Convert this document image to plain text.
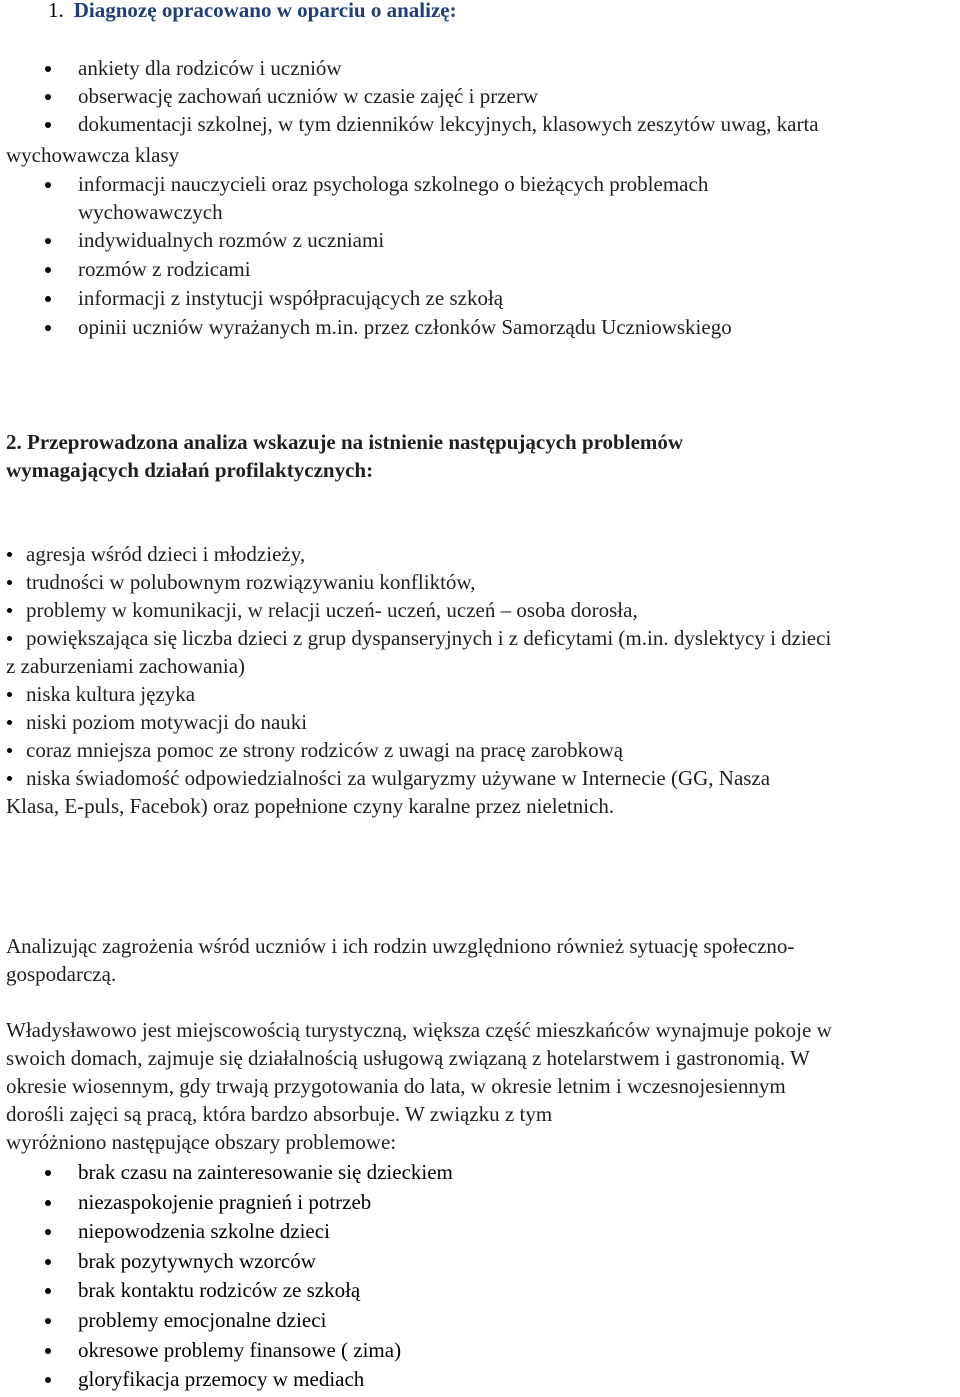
1. Diagnozę opracowano w oparciu o analizę:
ankiety dla rodziców i uczniów
obserwację zachowań uczniów w czasie zajęć i przerw
dokumentacji szkolnej, w tym dzienników lekcyjnych, klasowych zeszytów uwag, karta
wychowawcza klasy
informacji nauczycieli oraz psychologa szkolnego o bieżących problemach
wychowawczych
indywidualnych rozmów z uczniami
rozmów z rodzicami
informacji z instytucji współpracujących ze szkołą
opinii uczniów wyrażanych m.in. przez członków Samorządu Uczniowskiego
2. Przeprowadzona analiza wskazuje na istnienie następujących problemów
wymagających działań profilaktycznych:
agresja wśród dzieci i młodzieży,
trudności w polubownym rozwiązywaniu konfliktów,
problemy w komunikacji, w relacji uczeń- uczeń, uczeń – osoba dorosła,
powiększająca się liczba dzieci z grup dyspanseryjnych i z deficytami (m.in. dyslektycy i dzieci
z zaburzeniami zachowania)
niska kultura języka
niski poziom motywacji do nauki
coraz mniejsza pomoc ze strony rodziców z uwagi na pracę zarobkową
niska świadomość odpowiedzialności za wulgaryzmy używane w Internecie (GG, Nasza
Klasa, E-puls, Facebok) oraz popełnione czyny karalne przez nieletnich.
Analizując zagrożenia wśród uczniów i ich rodzin uwzględniono również sytuację społeczno-
gospodarczą.
Władysławowo jest miejscowością turystyczną, większa część mieszkańców wynajmuje pokoje w
swoich domach, zajmuje się działalnością usługową związaną z hotelarstwem i gastronomią. W
okresie wiosennym, gdy trwają przygotowania do lata, w okresie letnim i wczesnojesiennym
dorośli zajęci są pracą, która bardzo absorbuje. W związku z tym
wyróżniono następujące obszary problemowe:
brak czasu na zainteresowanie się dzieckiem
niezaspokojenie pragnień i potrzeb
niepowodzenia szkolne dzieci
brak pozytywnych wzorców
brak kontaktu rodziców ze szkołą
problemy emocjonalne dzieci
okresowe problemy finansowe ( zima)
gloryfikacja przemocy w mediach
